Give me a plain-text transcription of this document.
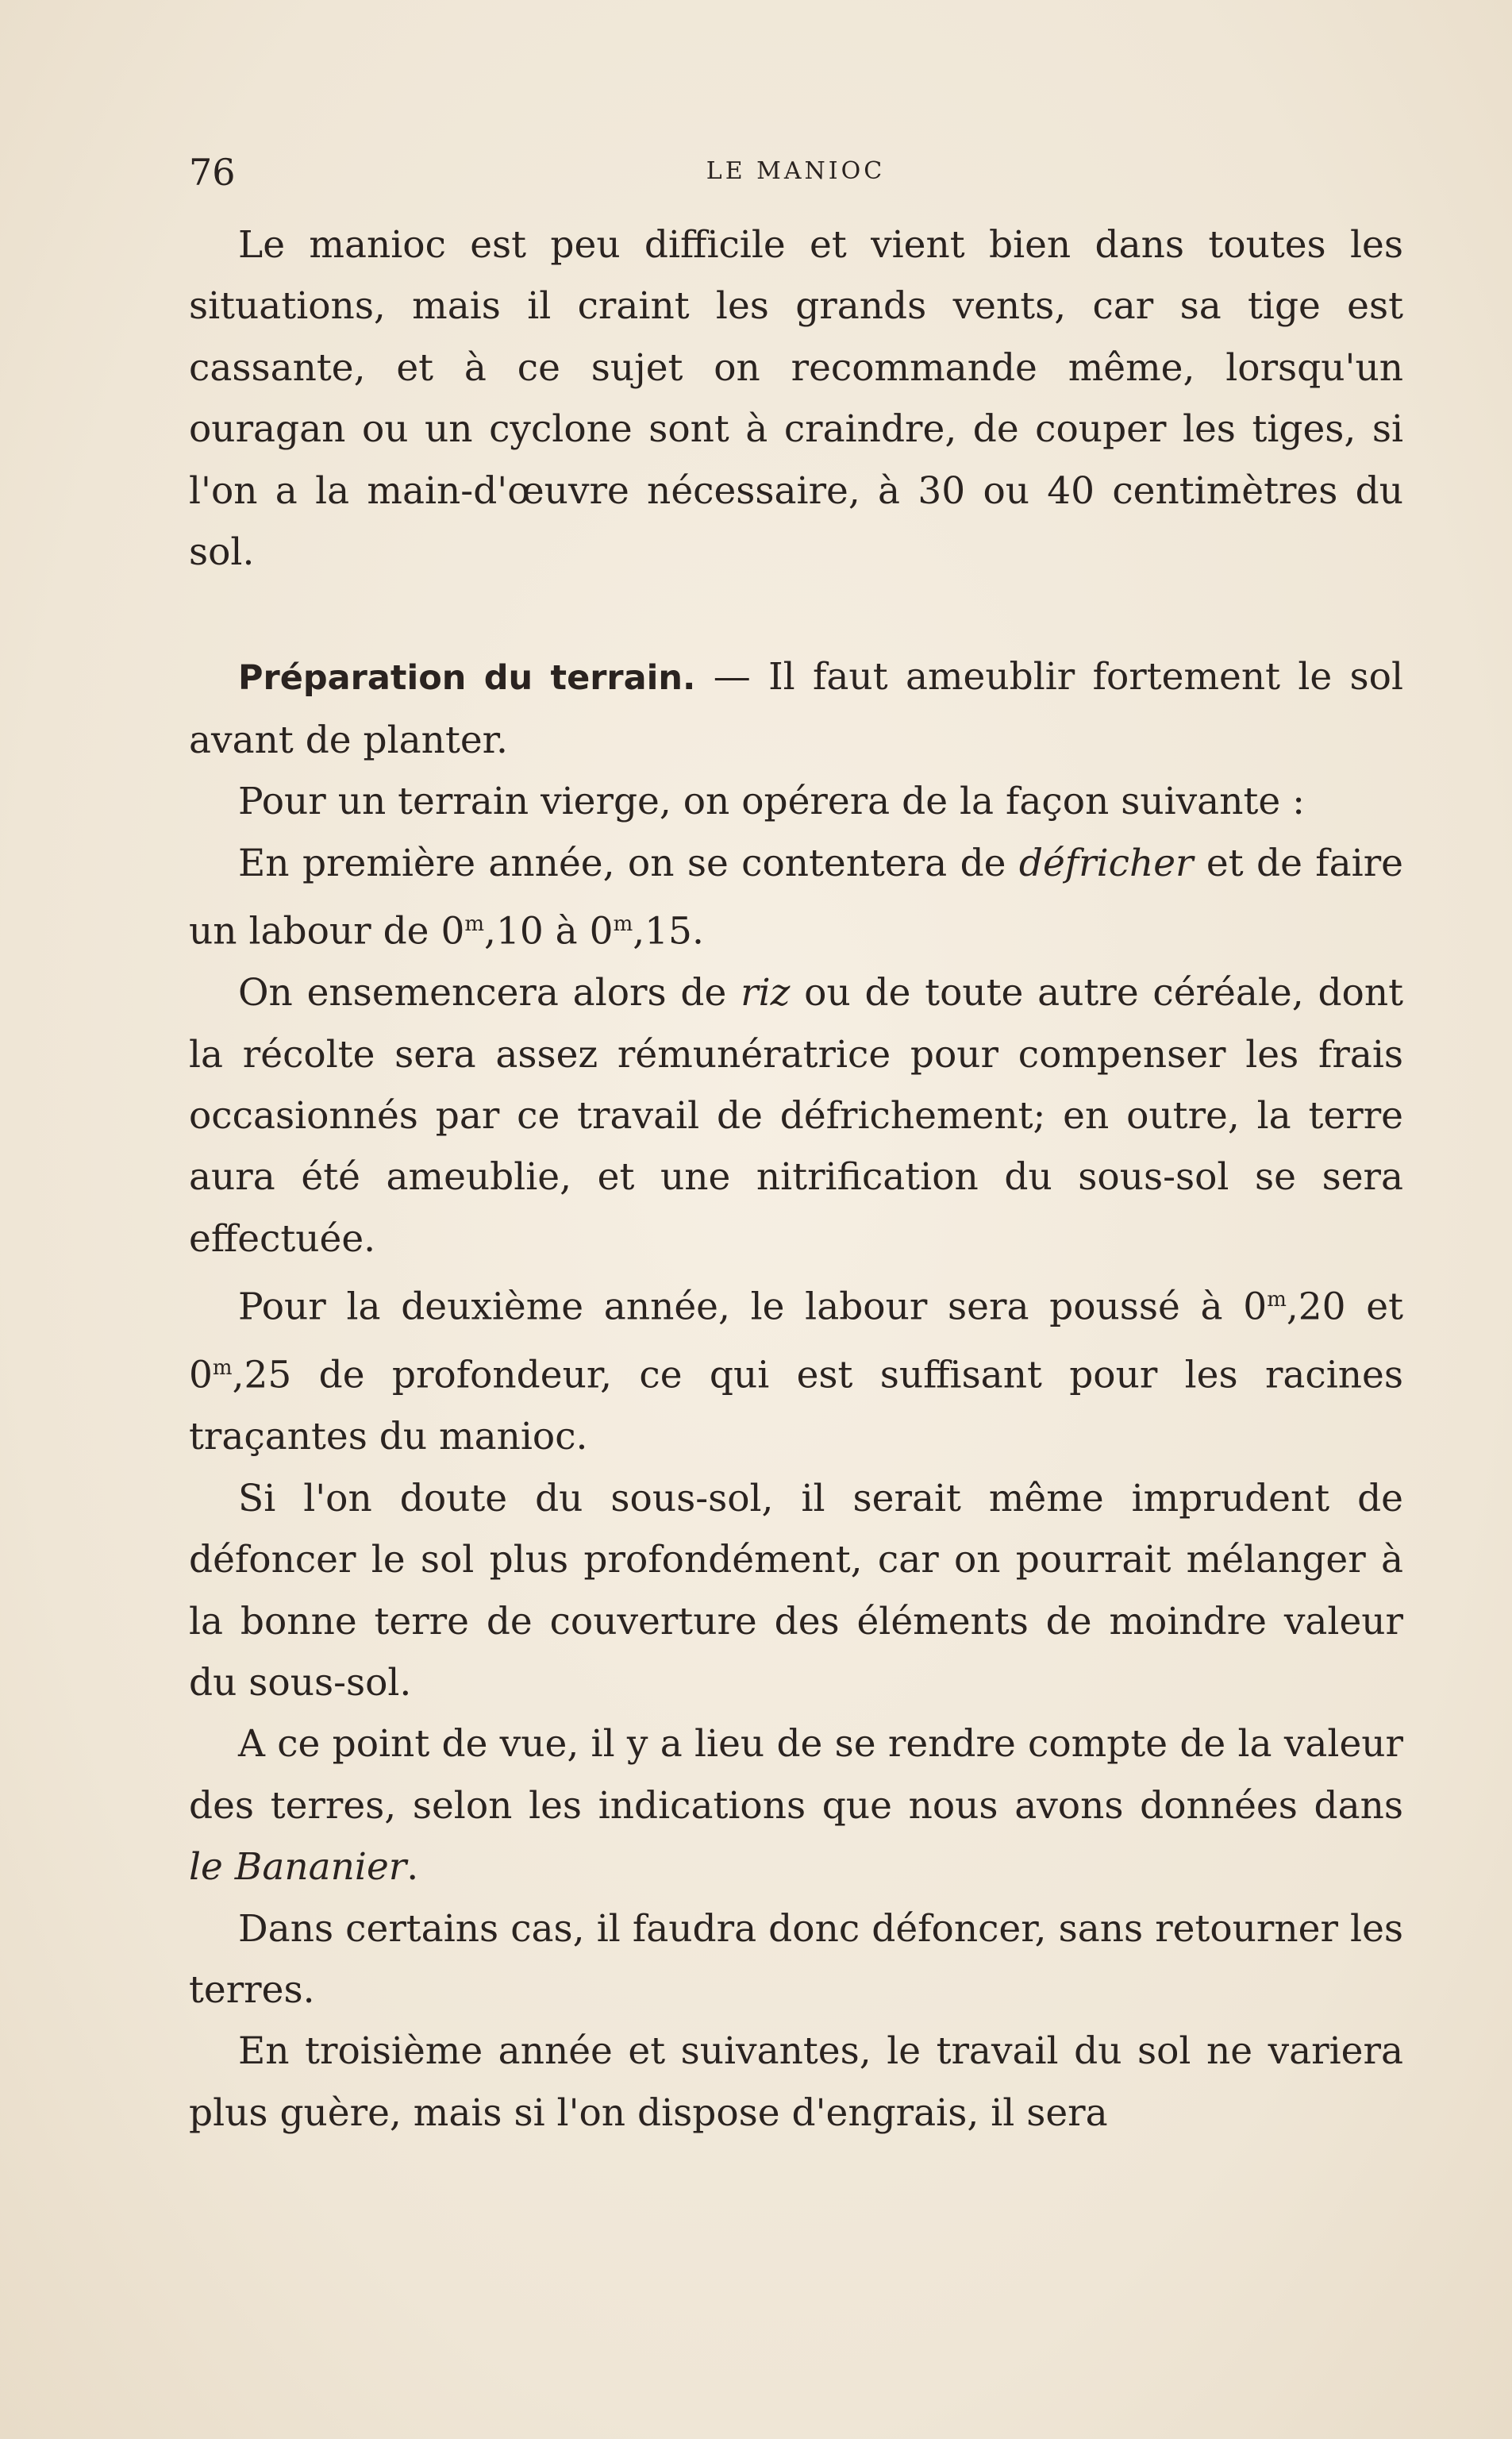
76	LE MANIOC

Le manioc est peu difficile et vient bien dans toutes les situations, mais il craint les grands vents, car sa tige est cassante, et à ce sujet on recommande même, lorsqu'un ouragan ou un cyclone sont à craindre, de couper les tiges, si l'on a la main-d'œuvre nécessaire, à 30 ou 40 centimètres du sol.

Préparation du terrain. — Il faut ameublir fortement le sol avant de planter.

Pour un terrain vierge, on opérera de la façon suivante :

En première année, on se contentera de défricher et de faire un labour de 0$^m$,10 à 0$^m$,15.

On ensemencera alors de riz ou de toute autre céréale, dont la récolte sera assez rémunératrice pour compenser les frais occasionnés par ce travail de défrichement; en outre, la terre aura été ameublie, et une nitrification du sous-sol se sera effectuée.

Pour la deuxième année, le labour sera poussé à 0$^m$,20 et 0$^m$,25 de profondeur, ce qui est suffisant pour les racines traçantes du manioc.

Si l'on doute du sous-sol, il serait même imprudent de défoncer le sol plus profondément, car on pourrait mélanger à la bonne terre de couverture des éléments de moindre valeur du sous-sol.

A ce point de vue, il y a lieu de se rendre compte de la valeur des terres, selon les indications que nous avons données dans le Bananier.

Dans certains cas, il faudra donc défoncer, sans retourner les terres.

En troisième année et suivantes, le travail du sol ne variera plus guère, mais si l'on dispose d'engrais, il sera
